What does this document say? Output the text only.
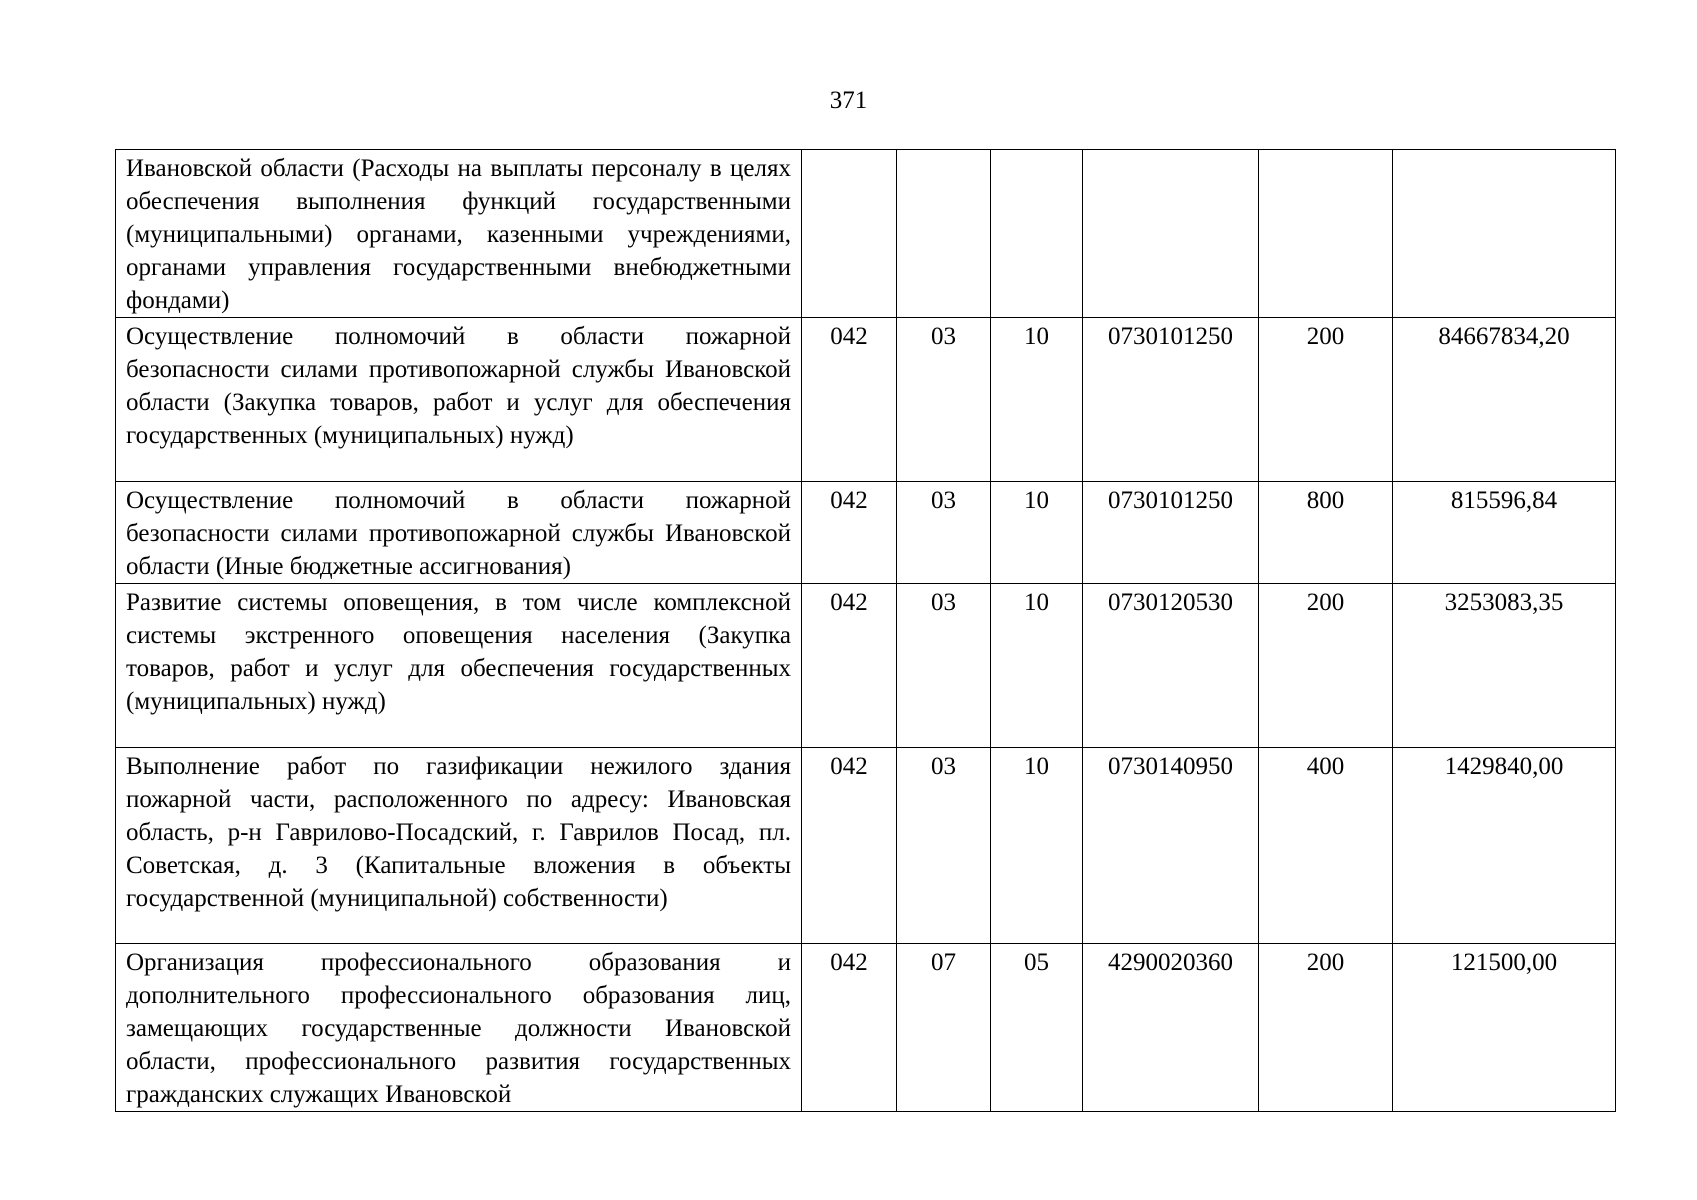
371
Ивановской области (Расходы на выплаты персоналу в целях обеспечения выполнения функций государственными (муниципальными) органами, казенными учреждениями, органами управления государственными внебюджетными фондами)						
Осуществление полномочий в области пожарной безопасности силами противопожарной службы Ивановской области (Закупка товаров, работ и услуг для обеспечения государственных (муниципальных) нужд)	042	03	10	0730101250	200	84667834,20
Осуществление полномочий в области пожарной безопасности силами противопожарной службы Ивановской области (Иные бюджетные ассигнования)	042	03	10	0730101250	800	815596,84
Развитие системы оповещения, в том числе комплексной системы экстренного оповещения населения (Закупка товаров, работ и услуг для обеспечения государственных (муниципальных) нужд)	042	03	10	0730120530	200	3253083,35
Выполнение работ по газификации нежилого здания пожарной части, расположенного по адресу: Ивановская область, р-н Гаврилово-Посадский, г. Гаврилов Посад, пл. Советская, д. 3 (Капитальные вложения в объекты государственной (муниципальной) собственности)	042	03	10	0730140950	400	1429840,00
Организация профессионального образования и дополнительного профессионального образования лиц, замещающих государственные должности Ивановской области, профессионального развития государственных гражданских служащих Ивановской	042	07	05	4290020360	200	121500,00
